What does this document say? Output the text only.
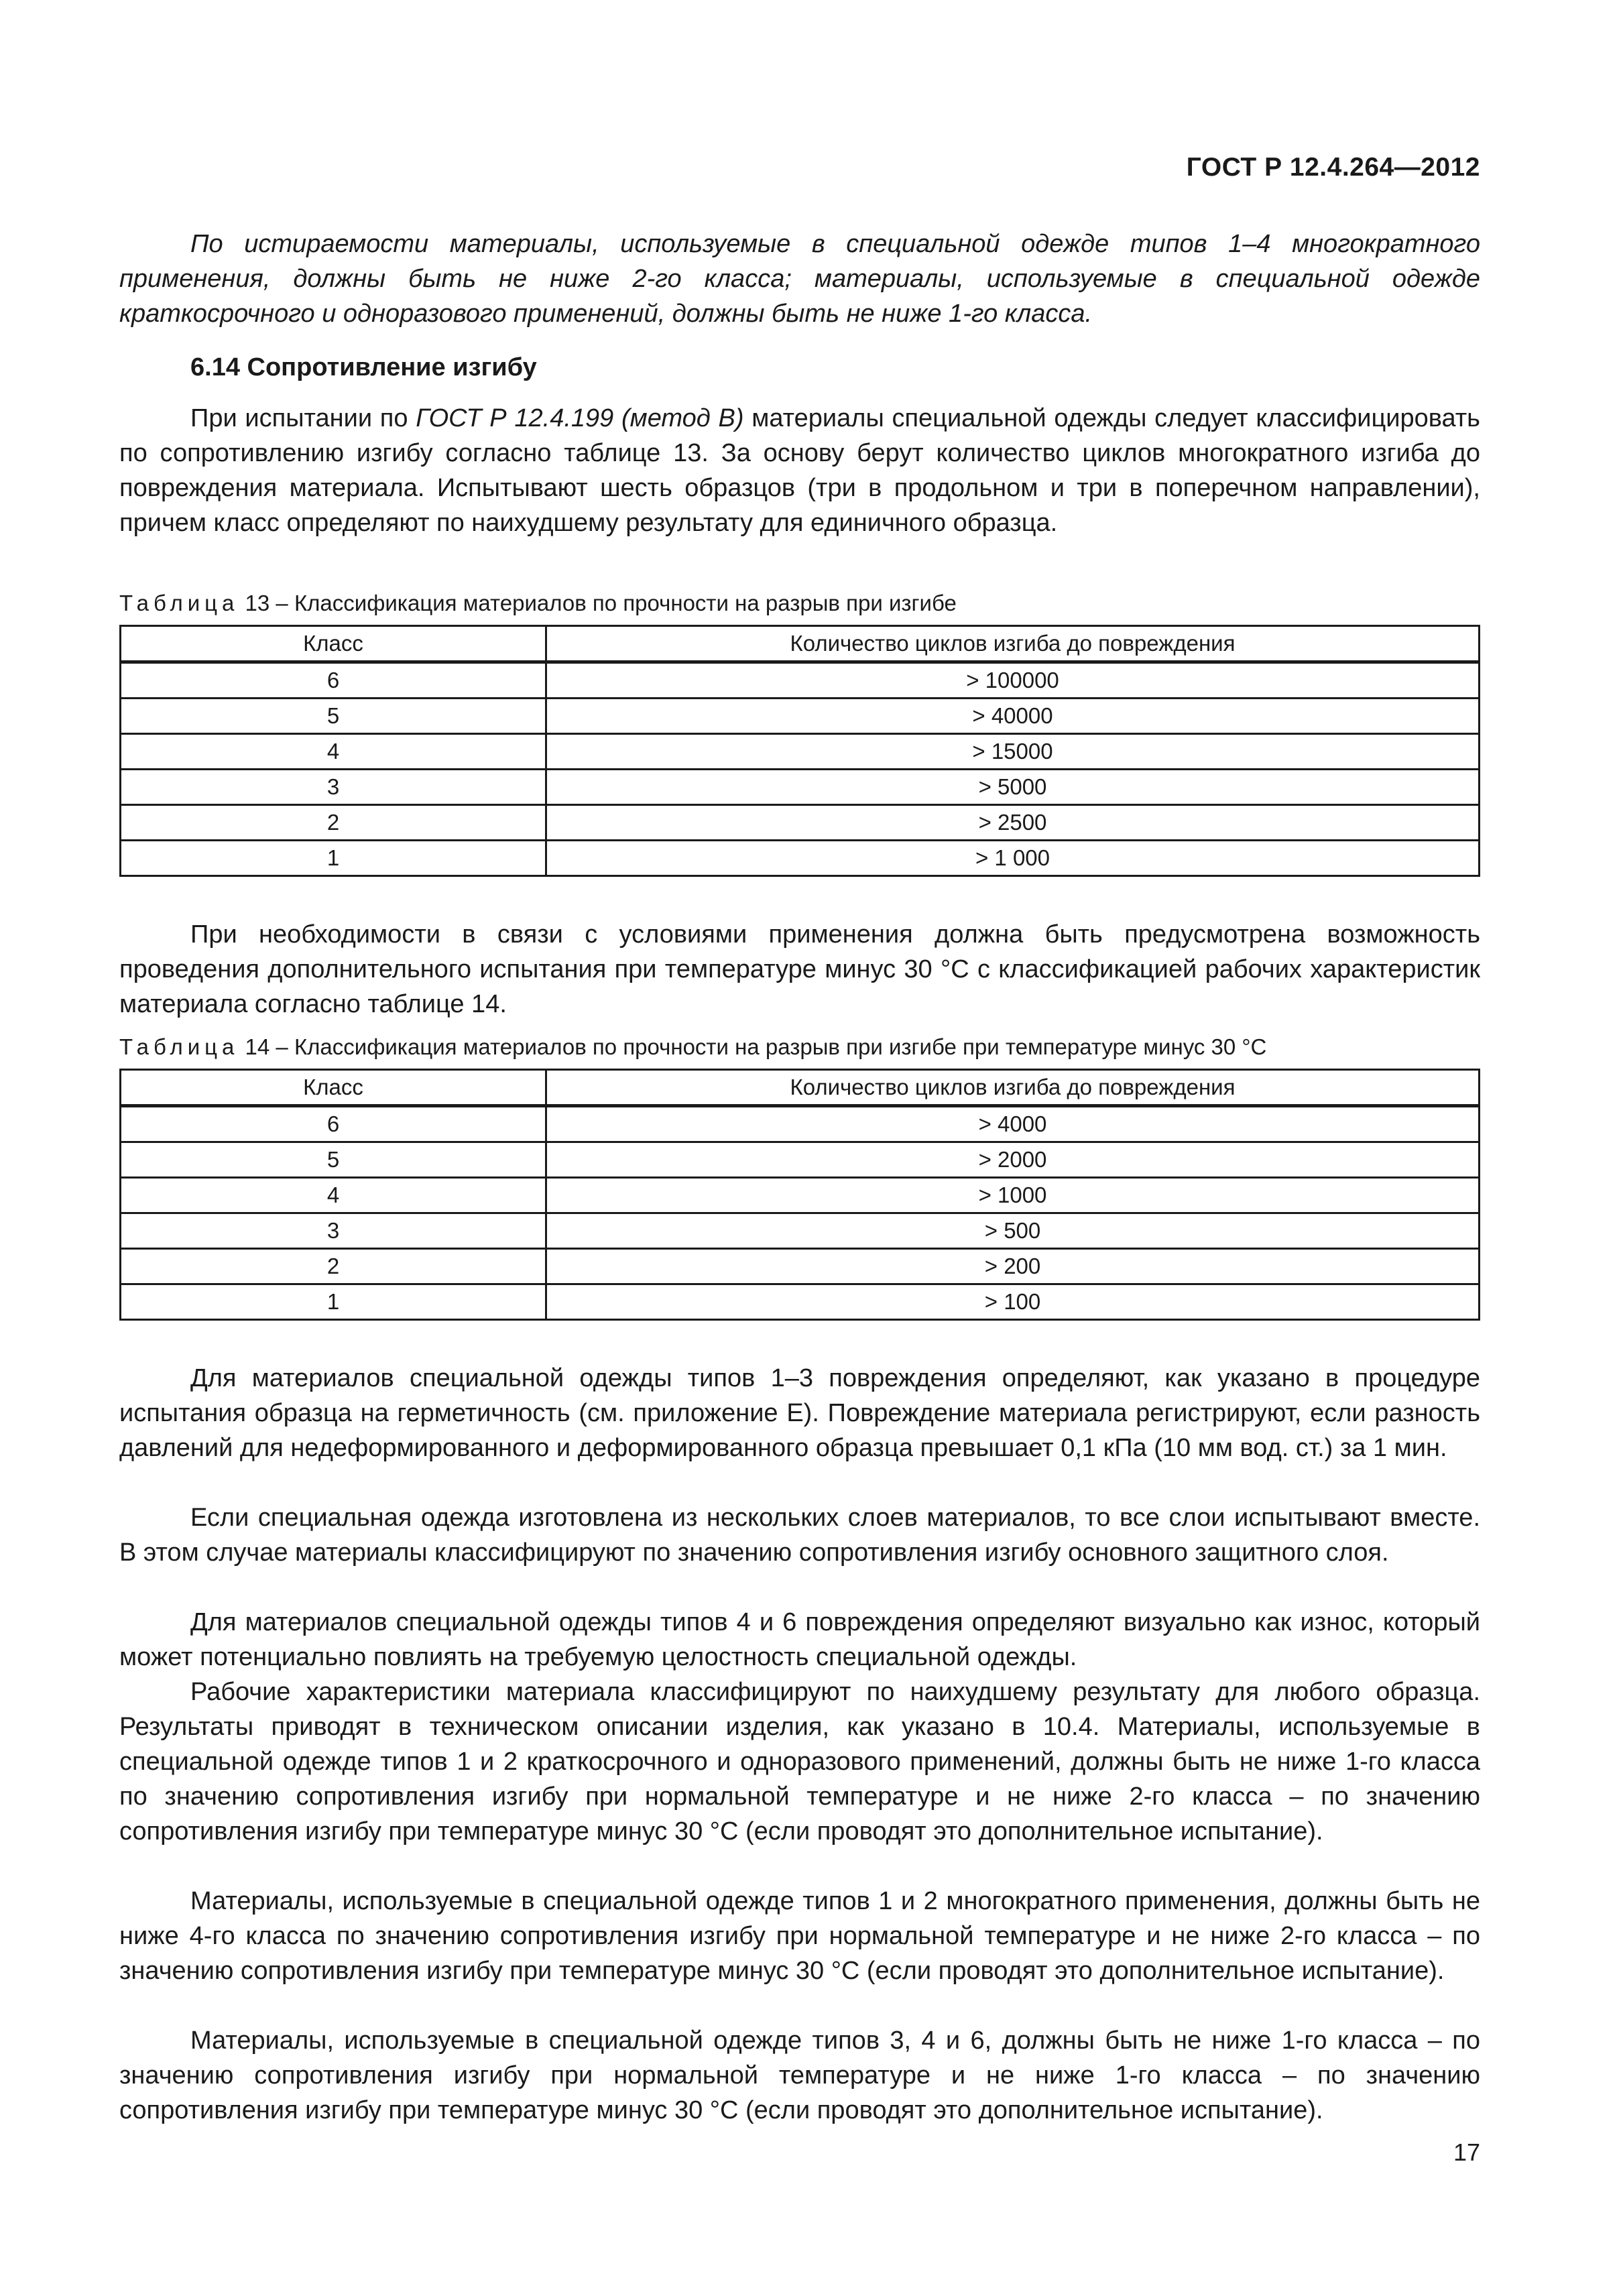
ГОСТ Р 12.4.264—2012
По истираемости материалы, используемые в специальной одежде типов 1–4 многократного применения, должны быть не ниже 2-го класса; материалы, используемые в специальной одежде краткосрочного и одноразового применений, должны быть не ниже 1-го класса.
6.14 Сопротивление изгибу
При испытании по ГОСТ Р 12.4.199 (метод В) материалы специальной одежды следует классифицировать по сопротивлению изгибу согласно таблице 13. За основу берут количество циклов многократного изгиба до повреждения материала. Испытывают шесть образцов (три в продольном и три в поперечном направлении), причем класс определяют по наихудшему результату для единичного образца.
Таблица 13 – Классификация материалов по прочности на разрыв при изгибе
Класс	Количество циклов изгиба до повреждения
6	> 100000
5	> 40000
4	> 15000
3	> 5000
2	> 2500
1	> 1 000
При необходимости в связи с условиями применения должна быть предусмотрена возможность проведения дополнительного испытания при температуре минус 30 °С с классификацией рабочих характеристик материала согласно таблице 14.
Таблица 14 – Классификация материалов по прочности на разрыв при изгибе при температуре минус 30 °С
Класс	Количество циклов изгиба до повреждения
6	> 4000
5	> 2000
4	> 1000
3	> 500
2	> 200
1	> 100
Для материалов специальной одежды типов 1–3 повреждения определяют, как указано в процедуре испытания образца на герметичность (см. приложение Е). Повреждение материала регистрируют, если разность давлений для недеформированного и деформированного образца превышает 0,1 кПа (10 мм вод. ст.) за 1 мин.
Если специальная одежда изготовлена из нескольких слоев материалов, то все слои испытывают вместе. В этом случае материалы классифицируют по значению сопротивления изгибу основного защитного слоя.
Для материалов специальной одежды типов 4 и 6 повреждения определяют визуально как износ, который может потенциально повлиять на требуемую целостность специальной одежды.
Рабочие характеристики материала классифицируют по наихудшему результату для любого образца. Результаты приводят в техническом описании изделия, как указано в 10.4. Материалы, используемые в специальной одежде типов 1 и 2 краткосрочного и одноразового применений, должны быть не ниже 1-го класса по значению сопротивления изгибу при нормальной температуре и не ниже 2-го класса – по значению сопротивления изгибу при температуре минус 30 °С (если проводят это дополнительное испытание).
Материалы, используемые в специальной одежде типов 1 и 2 многократного применения, должны быть не ниже 4-го класса по значению сопротивления изгибу при нормальной температуре и не ниже 2-го класса – по значению сопротивления изгибу при температуре минус 30 °С (если проводят это дополнительное испытание).
Материалы, используемые в специальной одежде типов 3, 4 и 6, должны быть не ниже 1-го класса – по значению сопротивления изгибу при нормальной температуре и не ниже 1-го класса – по значению сопротивления изгибу при температуре минус 30 °С (если проводят это дополнительное испытание).
17
